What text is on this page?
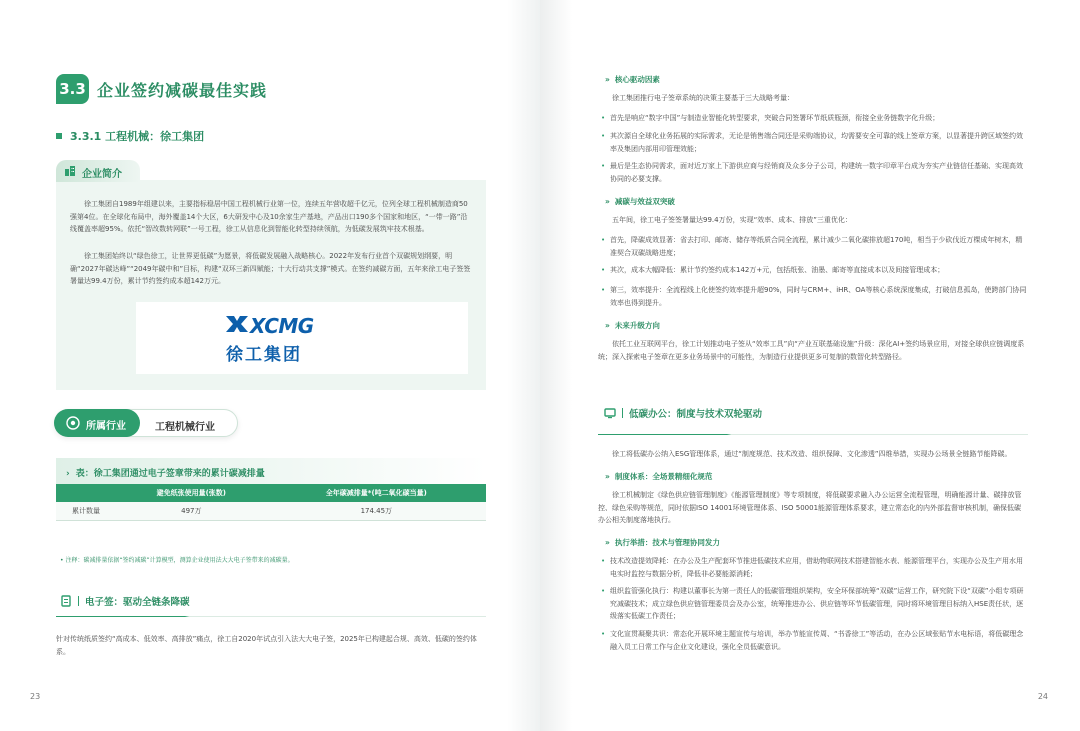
3.3 企业签约减碳最佳实践
3.3.1 工程机械：徐工集团
企业简介

徐工集团自1989年组建以来，主要指标稳居中国工程机械行业第一位，连续五年营收超千亿元，位列全球工程机械制造商50强第4位。在全球化布局中，海外覆盖14个大区，6大研发中心及10余家生产基地，产品出口190多个国家和地区，“一带一路”沿线覆盖率超95%。依托“智改数转网联”一号工程，徐工从信息化到智能化转型持续领航，为低碳发展筑牢技术根基。

徐工集团始终以“绿色徐工，让世界更低碳”为愿景，将低碳发展融入战略核心。2022年发布行业首个双碳规划纲要，明确“2027年碳达峰”“2049年碳中和”目标，构建“双环三新四赋能；十大行动共支撑”模式。在签约减碳方面，五年来徐工电子签签署量达99.4万份，累计节约签约成本超142万元。

XCMG
徐工集团
所属行业	工程机械行业
› 表：徐工集团通过电子签章带来的累计碳减排量
	避免纸张使用量(张数)	全年碳减排量*(吨二氧化碳当量)
累计数量	497万	174.45万
• 注释：碳减排量依据“签约减碳”计算模型，测算企业使用法大大电子签带来的减碳量。
电子签：驱动全链条降碳

针对传统纸质签约“高成本、低效率、高排放”痛点，徐工自2020年试点引入法大大电子签，2025年已构建起合规、高效、低碳的签约体系。

23
» 核心驱动因素

徐工集团推行电子签章系统的决策主要基于三大战略考量：

• 首先是响应“数字中国”与制造业智能化转型要求，突破合同签署环节纸质瓶颈，衔接全业务链数字化升级；

• 其次源自全球化业务拓展的实际需求，无论是销售端合同还是采购端协议，均需要安全可靠的线上签章方案，以显著提升跨区域签约效率及集团内部用印管理效能；

• 最后是生态协同需求，面对近万家上下游供应商与经销商及众多分子公司，构建统一数字印章平台成为夯实产业链信任基础、实现高效协同的必要支撑。

» 减碳与效益双突破

五年间，徐工电子签签署量达99.4万份，实现“效率、成本、排放”三重优化：

• 首先，降碳成效显著：省去打印、邮寄、储存等纸质合同全流程，累计减少二氧化碳排放超170吨，相当于少砍伐近万棵成年树木，精准契合双碳战略进度；

• 其次，成本大幅降低：累计节约签约成本142万+元，包括纸张、油墨、邮寄等直接成本以及间接管理成本；

• 第三，效率提升：全流程线上化使签约效率提升超90%，同时与CRM+、iHR、OA等核心系统深度集成，打破信息孤岛，使跨部门协同效率也得到提升。

» 未来升级方向

依托工业互联网平台，徐工计划推动电子签从“效率工具”向“产业互联基础设施”升级：深化AI+签约场景应用，对接全球供应链调度系统；深入探索电子签章在更多业务场景中的可能性，为制造行业提供更多可复制的数智化转型路径。

低碳办公：制度与技术双轮驱动

徐工将低碳办公纳入ESG管理体系，通过“制度规范、技术改造、组织保障、文化渗透”四维举措，实现办公场景全链路节能降碳。

» 制度体系：全场景精细化规范

徐工机械制定《绿色供应链管理制度》《能源管理制度》等专项制度，将低碳要求融入办公运营全流程管理，明确能源计量、碳排放管控、绿色采购等规范，同时依据ISO 14001环境管理体系、ISO 50001能源管理体系要求，建立常态化的内外部监督审核机制，确保低碳办公相关制度落地执行。

» 执行举措：技术与管理协同发力

• 技术改造提效降耗：在办公及生产配套环节推进低碳技术应用，借助物联网技术搭建智能水表、能源管理平台，实现办公及生产用水用电实时监控与数据分析，降低非必要能源消耗；

• 组织监管强化执行：构建以董事长为第一责任人的低碳管理组织架构，安全环保部统筹“双碳”运营工作，研究院下设“双碳”小组专项研究减碳技术；成立绿色供应链管理委员会及办公室，统筹推进办公、供应链等环节低碳管理，同时将环境管理目标纳入HSE责任状，逐级落实低碳工作责任；

• 文化宣贯凝聚共识：常态化开展环境主题宣传与培训，举办节能宣传周、“书香徐工”等活动，在办公区域张贴节水电标语，将低碳理念融入员工日常工作与企业文化建设，强化全员低碳意识。

24
